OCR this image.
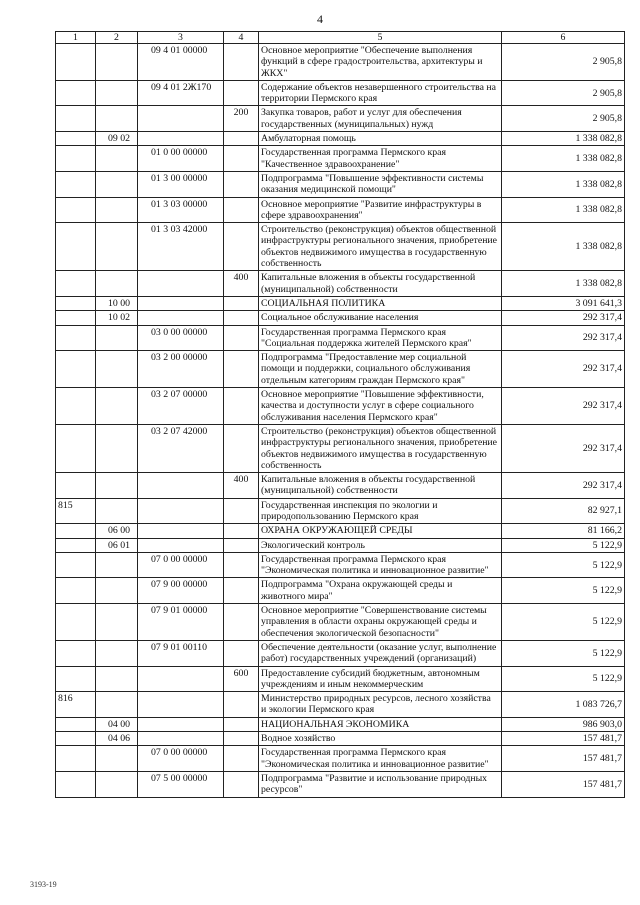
4
1	2	3	4	5	6
		09 4 01 00000		Основное мероприятие "Обеспечение выполнения функций в сфере градостроительства, архитектуры и ЖКХ"	2 905,8
		09 4 01 2Ж170		Содержание объектов незавершенного строительства на территории Пермского края	2 905,8
			200	Закупка товаров, работ и услуг для обеспечения государственных (муниципальных) нужд	2 905,8
	09 02			Амбулаторная помощь	1 338 082,8
		01 0 00 00000		Государственная программа Пермского края "Качественное здравоохранение"	1 338 082,8
		01 3 00 00000		Подпрограмма "Повышение эффективности системы оказания медицинской помощи"	1 338 082,8
		01 3 03 00000		Основное мероприятие "Развитие инфраструктуры в сфере здравоохранения"	1 338 082,8
		01 3 03 42000		Строительство (реконструкция) объектов общественной инфраструктуры регионального значения, приобретение объектов недвижимого имущества в государственную собственность	1 338 082,8
			400	Капитальные вложения в объекты государственной (муниципальной) собственности	1 338 082,8
	10 00			СОЦИАЛЬНАЯ ПОЛИТИКА	3 091 641,3
	10 02			Социальное обслуживание населения	292 317,4
		03 0 00 00000		Государственная программа Пермского края "Социальная поддержка жителей Пермского края"	292 317,4
		03 2 00 00000		Подпрограмма "Предоставление мер социальной помощи и поддержки, социального обслуживания отдельным категориям граждан Пермского края"	292 317,4
		03 2 07 00000		Основное мероприятие "Повышение эффективности, качества и доступности услуг в сфере социального обслуживания населения Пермского края"	292 317,4
		03 2 07 42000		Строительство (реконструкция) объектов общественной инфраструктуры регионального значения, приобретение объектов недвижимого имущества в государственную собственность	292 317,4
			400	Капитальные вложения в объекты государственной (муниципальной) собственности	292 317,4
815				Государственная инспекция по экологии и природопользованию Пермского края	82 927,1
	06 00			ОХРАНА ОКРУЖАЮЩЕЙ СРЕДЫ	81 166,2
	06 01			Экологический контроль	5 122,9
		07 0 00 00000		Государственная программа Пермского края "Экономическая политика и инновационное развитие"	5 122,9
		07 9 00 00000		Подпрограмма "Охрана окружающей среды и животного мира"	5 122,9
		07 9 01 00000		Основное мероприятие "Совершенствование системы управления в области охраны окружающей среды и обеспечения экологической безопасности"	5 122,9
		07 9 01 00110		Обеспечение деятельности (оказание услуг, выполнение работ) государственных учреждений (организаций)	5 122,9
			600	Предоставление субсидий бюджетным, автономным учреждениям и иным некоммерческим	5 122,9
816				Министерство природных ресурсов, лесного хозяйства и экологии Пермского края	1 083 726,7
	04 00			НАЦИОНАЛЬНАЯ ЭКОНОМИКА	986 903,0
	04 06			Водное хозяйство	157 481,7
		07 0 00 00000		Государственная программа Пермского края "Экономическая политика и инновационное развитие"	157 481,7
		07 5 00 00000		Подпрограмма "Развитие и использование природных ресурсов"	157 481,7
3193-19
